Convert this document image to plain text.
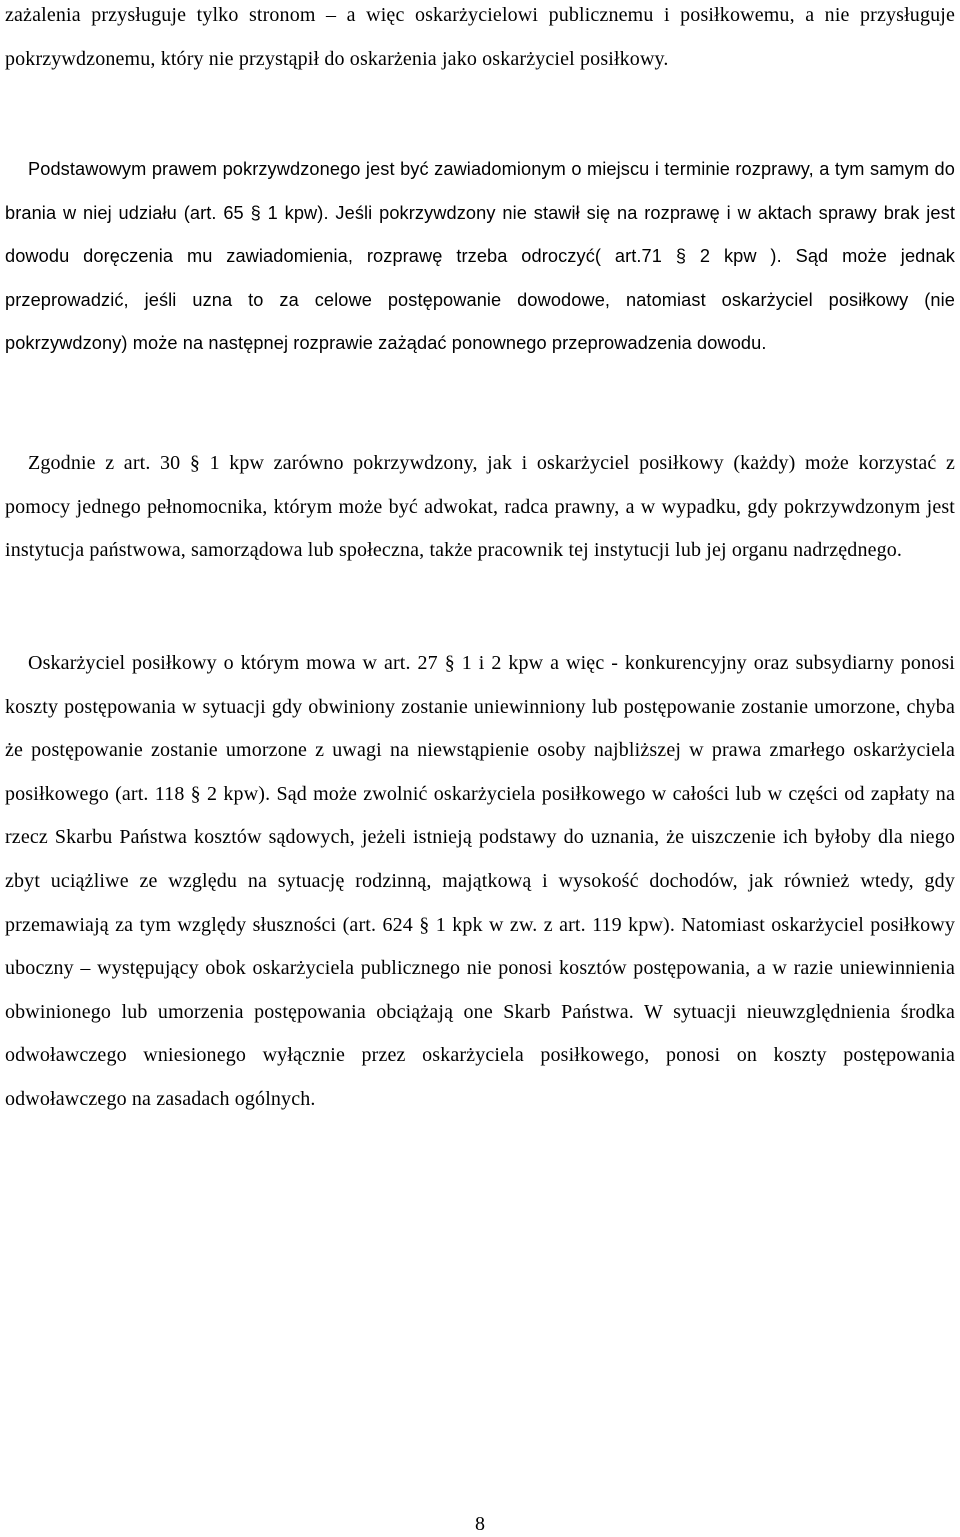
zażalenia przysługuje tylko stronom – a więc oskarżycielowi publicznemu i posiłkowemu, a nie przysługuje pokrzywdzonemu, który nie przystąpił do oskarżenia jako oskarżyciel posiłkowy.

Podstawowym prawem pokrzywdzonego jest być zawiadomionym o miejscu i terminie rozprawy, a tym samym do brania w niej udziału (art. 65 § 1 kpw). Jeśli pokrzywdzony nie stawił się na rozprawę i w aktach sprawy brak jest dowodu doręczenia mu zawiadomienia, rozprawę trzeba odroczyć( art.71 § 2 kpw ). Sąd może jednak przeprowadzić, jeśli uzna to za celowe postępowanie dowodowe, natomiast oskarżyciel posiłkowy (nie pokrzywdzony) może na następnej rozprawie zażądać ponownego przeprowadzenia dowodu.

Zgodnie z art. 30 § 1 kpw zarówno pokrzywdzony, jak i oskarżyciel posiłkowy (każdy) może korzystać z pomocy jednego pełnomocnika, którym może być adwokat, radca prawny, a w wypadku, gdy pokrzywdzonym jest instytucja państwowa, samorządowa lub społeczna, także pracownik tej instytucji lub jej organu nadrzędnego.

Oskarżyciel posiłkowy o którym mowa w art. 27 § 1 i 2 kpw a więc - konkurencyjny oraz subsydiarny ponosi koszty postępowania w sytuacji gdy obwiniony zostanie uniewinniony lub postępowanie zostanie umorzone, chyba że postępowanie zostanie umorzone z uwagi na niewstąpienie osoby najbliższej w prawa zmarłego oskarżyciela posiłkowego (art. 118 § 2 kpw). Sąd może zwolnić oskarżyciela posiłkowego w całości lub w części od zapłaty na rzecz Skarbu Państwa kosztów sądowych, jeżeli istnieją podstawy do uznania, że uiszczenie ich byłoby dla niego zbyt uciążliwe ze względu na sytuację rodzinną, majątkową i wysokość dochodów, jak również wtedy, gdy przemawiają za tym względy słuszności (art. 624 § 1 kpk w zw. z art. 119 kpw). Natomiast oskarżyciel posiłkowy uboczny – występujący obok oskarżyciela publicznego nie ponosi kosztów postępowania, a w razie uniewinnienia obwinionego lub umorzenia postępowania obciążają one Skarb Państwa. W sytuacji nieuwzględnienia środka odwoławczego wniesionego wyłącznie przez oskarżyciela posiłkowego, ponosi on koszty postępowania odwoławczego na zasadach ogólnych.

8
